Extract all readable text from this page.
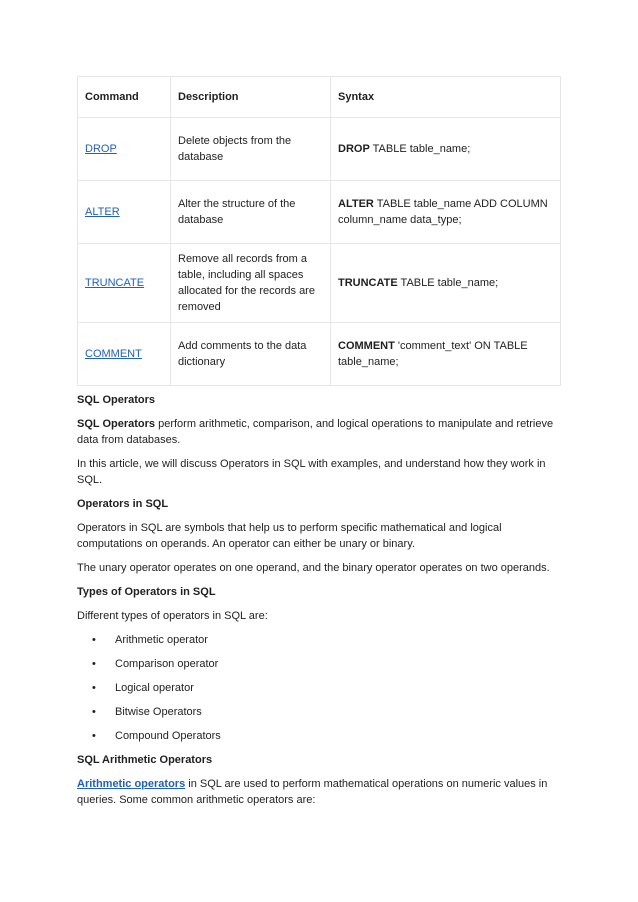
Command	Description	Syntax
DROP	Delete objects from the database	DROP TABLE table_name;
ALTER	Alter the structure of the database	ALTER TABLE table_name ADD COLUMN column_name data_type;
TRUNCATE	Remove all records from a table, including all spaces allocated for the records are removed	TRUNCATE TABLE table_name;
COMMENT	Add comments to the data dictionary	COMMENT 'comment_text' ON TABLE table_name;

SQL Operators

SQL Operators perform arithmetic, comparison, and logical operations to manipulate and retrieve data from databases.

In this article, we will discuss Operators in SQL with examples, and understand how they work in SQL.

Operators in SQL

Operators in SQL are symbols that help us to perform specific mathematical and logical computations on operands. An operator can either be unary or binary.

The unary operator operates on one operand, and the binary operator operates on two operands.

Types of Operators in SQL

Different types of operators in SQL are:

• Arithmetic operator
• Comparison operator
• Logical operator
• Bitwise Operators
• Compound Operators

SQL Arithmetic Operators

Arithmetic operators in SQL are used to perform mathematical operations on numeric values in queries. Some common arithmetic operators are:
